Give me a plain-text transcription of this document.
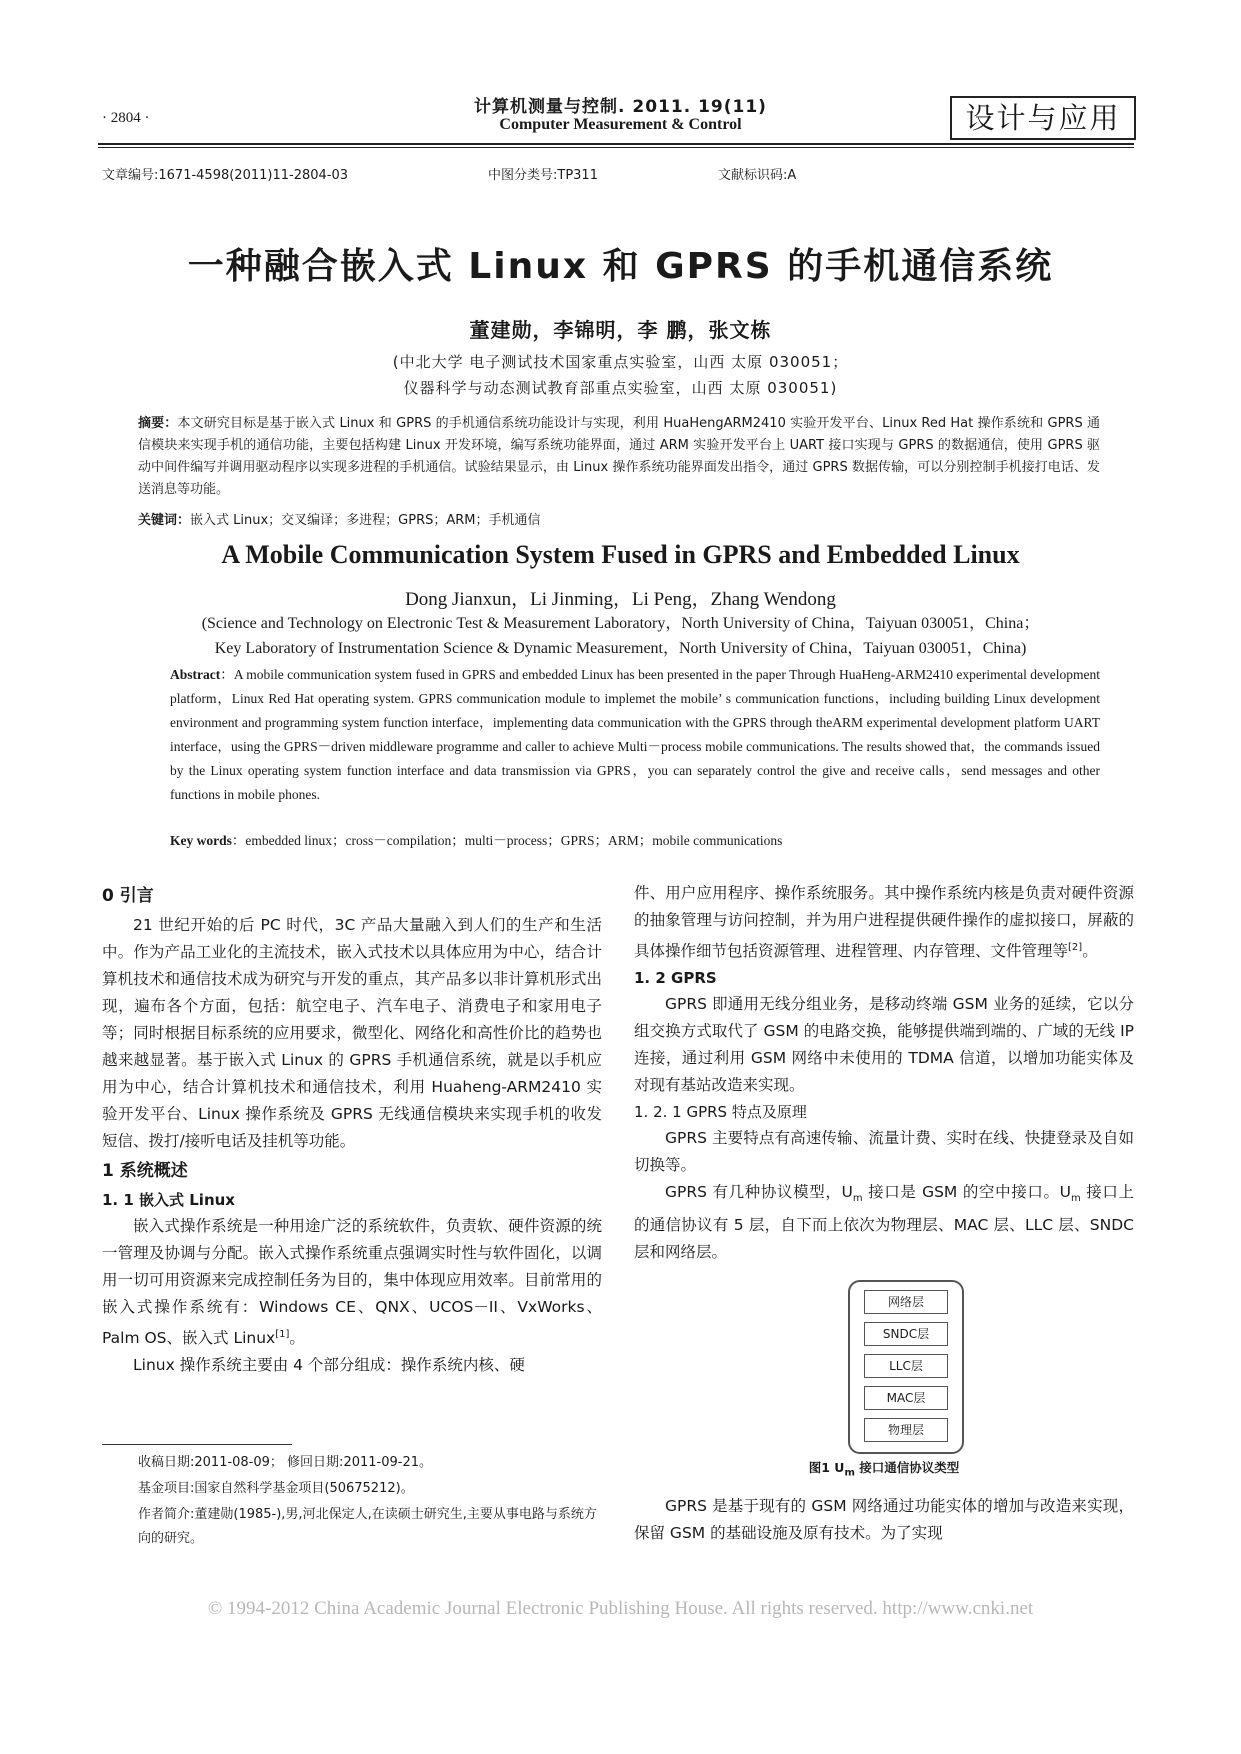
· 2804 ·
计算机测量与控制. 2011. 19(11)
Computer Measurement & Control	设计与应用
文章编号:1671-4598(2011)11-2804-03	中图分类号:TP311	文献标识码:A
一种融合嵌入式 Linux 和 GPRS 的手机通信系统
董建勋，李锦明，李 鹏，张文栋
(中北大学 电子测试技术国家重点实验室，山西 太原 030051；
仪器科学与动态测试教育部重点实验室，山西 太原 030051)
摘要：本文研究目标是基于嵌入式 Linux 和 GPRS 的手机通信系统功能设计与实现，利用 HuaHengARM2410 实验开发平台、Linux Red Hat 操作系统和 GPRS 通信模块来实现手机的通信功能，主要包括构建 Linux 开发环境，编写系统功能界面，通过 ARM 实验开发平台上 UART 接口实现与 GPRS 的数据通信，使用 GPRS 驱动中间件编写并调用驱动程序以实现多进程的手机通信。试验结果显示，由 Linux 操作系统功能界面发出指令，通过 GPRS 数据传输，可以分别控制手机接打电话、发送消息等功能。
关键词：嵌入式 Linux；交叉编译；多进程；GPRS；ARM；手机通信
A Mobile Communication System Fused in GPRS and Embedded Linux
Dong Jianxun，Li Jinming，Li Peng，Zhang Wendong
(Science and Technology on Electronic Test & Measurement Laboratory，North University of China，Taiyuan 030051，China；
Key Laboratory of Instrumentation Science & Dynamic Measurement，North University of China，Taiyuan 030051，China)
Abstract：A mobile communication system fused in GPRS and embedded Linux has been presented in the paper Through HuaHeng-ARM2410 experimental development platform，Linux Red Hat operating system. GPRS communication module to implemet the mobile’ s communication functions，including building Linux development environment and programming system function interface，implementing data communication with the GPRS through theARM experimental development platform UART interface，using the GPRS－driven middleware programme and caller to achieve Multi－process mobile communications. The results showed that，the commands issued by the Linux operating system function interface and data transmission via GPRS，you can separately control the give and receive calls，send messages and other functions in mobile phones.
Key words：embedded linux；cross－compilation；multi－process；GPRS；ARM；mobile communications
0 引言

21 世纪开始的后 PC 时代，3C 产品大量融入到人们的生产和生活中。作为产品工业化的主流技术，嵌入式技术以具体应用为中心，结合计算机技术和通信技术成为研究与开发的重点，其产品多以非计算机形式出现，遍布各个方面，包括：航空电子、汽车电子、消费电子和家用电子等；同时根据目标系统的应用要求，微型化、网络化和高性价比的趋势也越来越显著。基于嵌入式 Linux 的 GPRS 手机通信系统，就是以手机应用为中心，结合计算机技术和通信技术，利用 Huaheng-ARM2410 实验开发平台、Linux 操作系统及 GPRS 无线通信模块来实现手机的收发短信、拨打/接听电话及挂机等功能。

1 系统概述
1. 1 嵌入式 Linux

嵌入式操作系统是一种用途广泛的系统软件，负责软、硬件资源的统一管理及协调与分配。嵌入式操作系统重点强调实时性与软件固化，以调用一切可用资源来完成控制任务为目的，集中体现应用效率。目前常用的嵌入式操作系统有：Windows CE、QNX、UCOS－II、VxWorks、Palm OS、嵌入式 Linux[1]。

Linux 操作系统主要由 4 个部分组成：操作系统内核、硬

件、用户应用程序、操作系统服务。其中操作系统内核是负责对硬件资源的抽象管理与访问控制，并为用户进程提供硬件操作的虚拟接口，屏蔽的具体操作细节包括资源管理、进程管理、内存管理、文件管理等[2]。

1. 2 GPRS

GPRS 即通用无线分组业务，是移动终端 GSM 业务的延续，它以分组交换方式取代了 GSM 的电路交换，能够提供端到端的、广域的无线 IP 连接，通过利用 GSM 网络中未使用的 TDMA 信道，以增加功能实体及对现有基站改造来实现。

1. 2. 1 GPRS 特点及原理

GPRS 主要特点有高速传输、流量计费、实时在线、快捷登录及自如切换等。

GPRS 有几种协议模型，$U_m$ 接口是 GSM 的空中接口。$U_m$ 接口上的通信协议有 5 层，自下而上依次为物理层、MAC 层、LLC 层、SNDC 层和网络层。

网络层
SNDC层
LLC层
MAC层
物理层
图1 $U_m$ 接口通信协议类型

GPRS 是基于现有的 GSM 网络通过功能实体的增加与改造来实现，保留 GSM 的基础设施及原有技术。为了实现

收稿日期:2011-08-09； 修回日期:2011-09-21。
基金项目:国家自然科学基金项目(50675212)。
作者简介:董建勋(1985-),男,河北保定人,在读硕士研究生,主要从事电路与系统方向的研究。
© 1994-2012 China Academic Journal Electronic Publishing House. All rights reserved. http://www.cnki.net
